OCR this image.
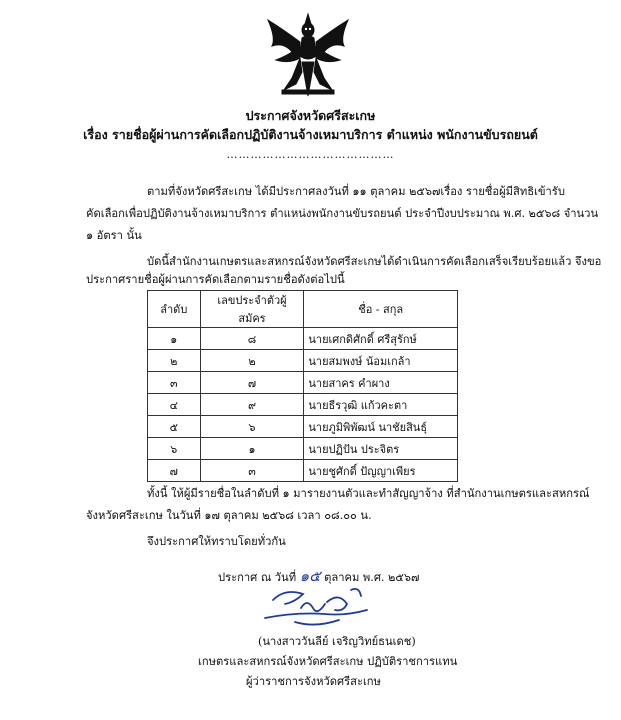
ประกาศจังหวัดศรีสะเกษ
เรื่อง รายชื่อผู้ผ่านการคัดเลือกปฏิบัติงานจ้างเหมาบริการ ตำแหน่ง พนักงานขับรถยนต์
……………………………………
ตามที่จังหวัดศรีสะเกษ ได้มีประกาศลงวันที่ ๑๑ ตุลาคม ๒๕๖๗เรื่อง รายชื่อผู้มีสิทธิเข้ารับ
คัดเลือกเพื่อปฏิบัติงานจ้างเหมาบริการ ตำแหน่งพนักงานขับรถยนต์ ประจำปีงบประมาณ พ.ศ. ๒๕๖๘ จำนวน
๑ อัตรา นั้น
บัดนี้สำนักงานเกษตรและสหกรณ์จังหวัดศรีสะเกษได้ดำเนินการคัดเลือกเสร็จเรียบร้อยแล้ว จึงขอ
ประกาศรายชื่อผู้ผ่านการคัดเลือกตามรายชื่อดังต่อไปนี้
ลำดับ	เลขประจำตัวผู้สมัคร	ชื่อ - สกุล
๑	๘	นายเศกดิศักดิ์ ศรีสุรักษ์
๒	๒	นายสมพงษ์ น้อมเกล้า
๓	๗	นายสาคร คำผาง
๔	๙	นายธีรวุฒิ แก้วคะตา
๕	๖	นายภูมิพิพัฒน์ นาชัยสินธุ์
๖	๑	นายปฏิปัน ประจิตร
๗	๓	นายชูศักดิ์ ปัญญาเพียร
ทั้งนี้ ให้ผู้มีรายชื่อในลำดับที่ ๑ มารายงานตัวและทำสัญญาจ้าง ที่สำนักงานเกษตรและสหกรณ์
จังหวัดศรีสะเกษ ในวันที่ ๑๗ ตุลาคม ๒๕๖๘ เวลา ๐๘.๐๐ น.
จึงประกาศให้ทราบโดยทั่วกัน
ประกาศ ณ วันที่ ๑๕ ตุลาคม พ.ศ. ๒๕๖๗
(นางสาววันลีย์ เจริญวิทย์ธนเดช)
เกษตรและสหกรณ์จังหวัดศรีสะเกษ ปฏิบัติราชการแทน
ผู้ว่าราชการจังหวัดศรีสะเกษ
